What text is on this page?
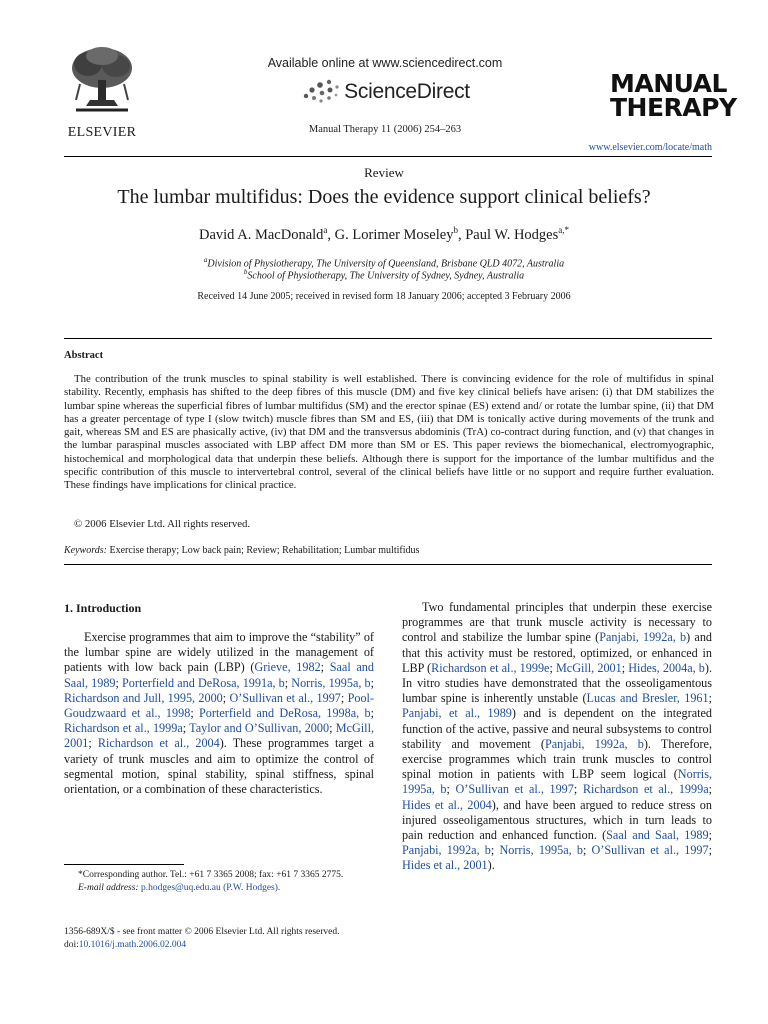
ELSEVIER
Available online at www.sciencedirect.com
ScienceDirect
Manual Therapy 11 (2006) 254–263
MANUAL
THERAPY
www.elsevier.com/locate/math
Review
The lumbar multifidus: Does the evidence support clinical beliefs?
David A. MacDonald$^a$, G. Lorimer Moseley$^b$, Paul W. Hodges$^{a,*}$
$^a$Division of Physiotherapy, The University of Queensland, Brisbane QLD 4072, Australia
$^b$School of Physiotherapy, The University of Sydney, Sydney, Australia
Received 14 June 2005; received in revised form 18 January 2006; accepted 3 February 2006
Abstract
The contribution of the trunk muscles to spinal stability is well established. There is convincing evidence for the role of multifidus in spinal stability. Recently, emphasis has shifted to the deep fibres of this muscle (DM) and five key clinical beliefs have arisen: (i) that DM stabilizes the lumbar spine whereas the superficial fibres of lumbar multifidus (SM) and the erector spinae (ES) extend and/ or rotate the lumbar spine, (ii) that DM has a greater percentage of type I (slow twitch) muscle fibres than SM and ES, (iii) that DM is tonically active during movements of the trunk and gait, whereas SM and ES are phasically active, (iv) that DM and the transversus abdominis (TrA) co-contract during function, and (v) that changes in the lumbar paraspinal muscles associated with LBP affect DM more than SM or ES. This paper reviews the biomechanical, electromyographic, histochemical and morphological data that underpin these beliefs. Although there is support for the importance of the lumbar multifidus and the specific contribution of this muscle to intervertebral control, several of the clinical beliefs have little or no support and require further evaluation. These findings have implications for clinical practice.
© 2006 Elsevier Ltd. All rights reserved.
Keywords: Exercise therapy; Low back pain; Review; Rehabilitation; Lumbar multifidus
1. Introduction
Exercise programmes that aim to improve the “stability” of the lumbar spine are widely utilized in the management of patients with low back pain (LBP) (Grieve, 1982; Saal and Saal, 1989; Porterfield and DeRosa, 1991a, b; Norris, 1995a, b; Richardson and Jull, 1995, 2000; O’Sullivan et al., 1997; Pool-Goudzwaard et al., 1998; Porterfield and DeRosa, 1998a, b; Richardson et al., 1999a; Taylor and O’Sullivan, 2000; McGill, 2001; Richardson et al., 2004). These programmes target a variety of trunk muscles and aim to optimize the control of segmental motion, spinal stability, spinal stiffness, spinal orientation, or a combination of these characteristics.
Two fundamental principles that underpin these exercise programmes are that trunk muscle activity is necessary to control and stabilize the lumbar spine (Panjabi, 1992a, b) and that this activity must be restored, optimized, or enhanced in LBP (Richardson et al., 1999e; McGill, 2001; Hides, 2004a, b). In vitro studies have demonstrated that the osseoligamentous lumbar spine is inherently unstable (Lucas and Bresler, 1961; Panjabi, et al., 1989) and is dependent on the integrated function of the active, passive and neural subsystems to control stability and movement (Panjabi, 1992a, b). Therefore, exercise programmes which train trunk muscles to control spinal motion in patients with LBP seem logical (Norris, 1995a, b; O’Sullivan et al., 1997; Richardson et al., 1999a; Hides et al., 2004), and have been argued to reduce stress on injured osseoligamentous structures, which in turn leads to pain reduction and enhanced function. (Saal and Saal, 1989; Panjabi, 1992a, b; Norris, 1995a, b; O’Sullivan et al., 1997; Hides et al., 2001).
*Corresponding author. Tel.: +61 7 3365 2008; fax: +61 7 3365 2775.
E-mail address: p.hodges@uq.edu.au (P.W. Hodges).
1356-689X/$ - see front matter © 2006 Elsevier Ltd. All rights reserved.
doi:10.1016/j.math.2006.02.004
